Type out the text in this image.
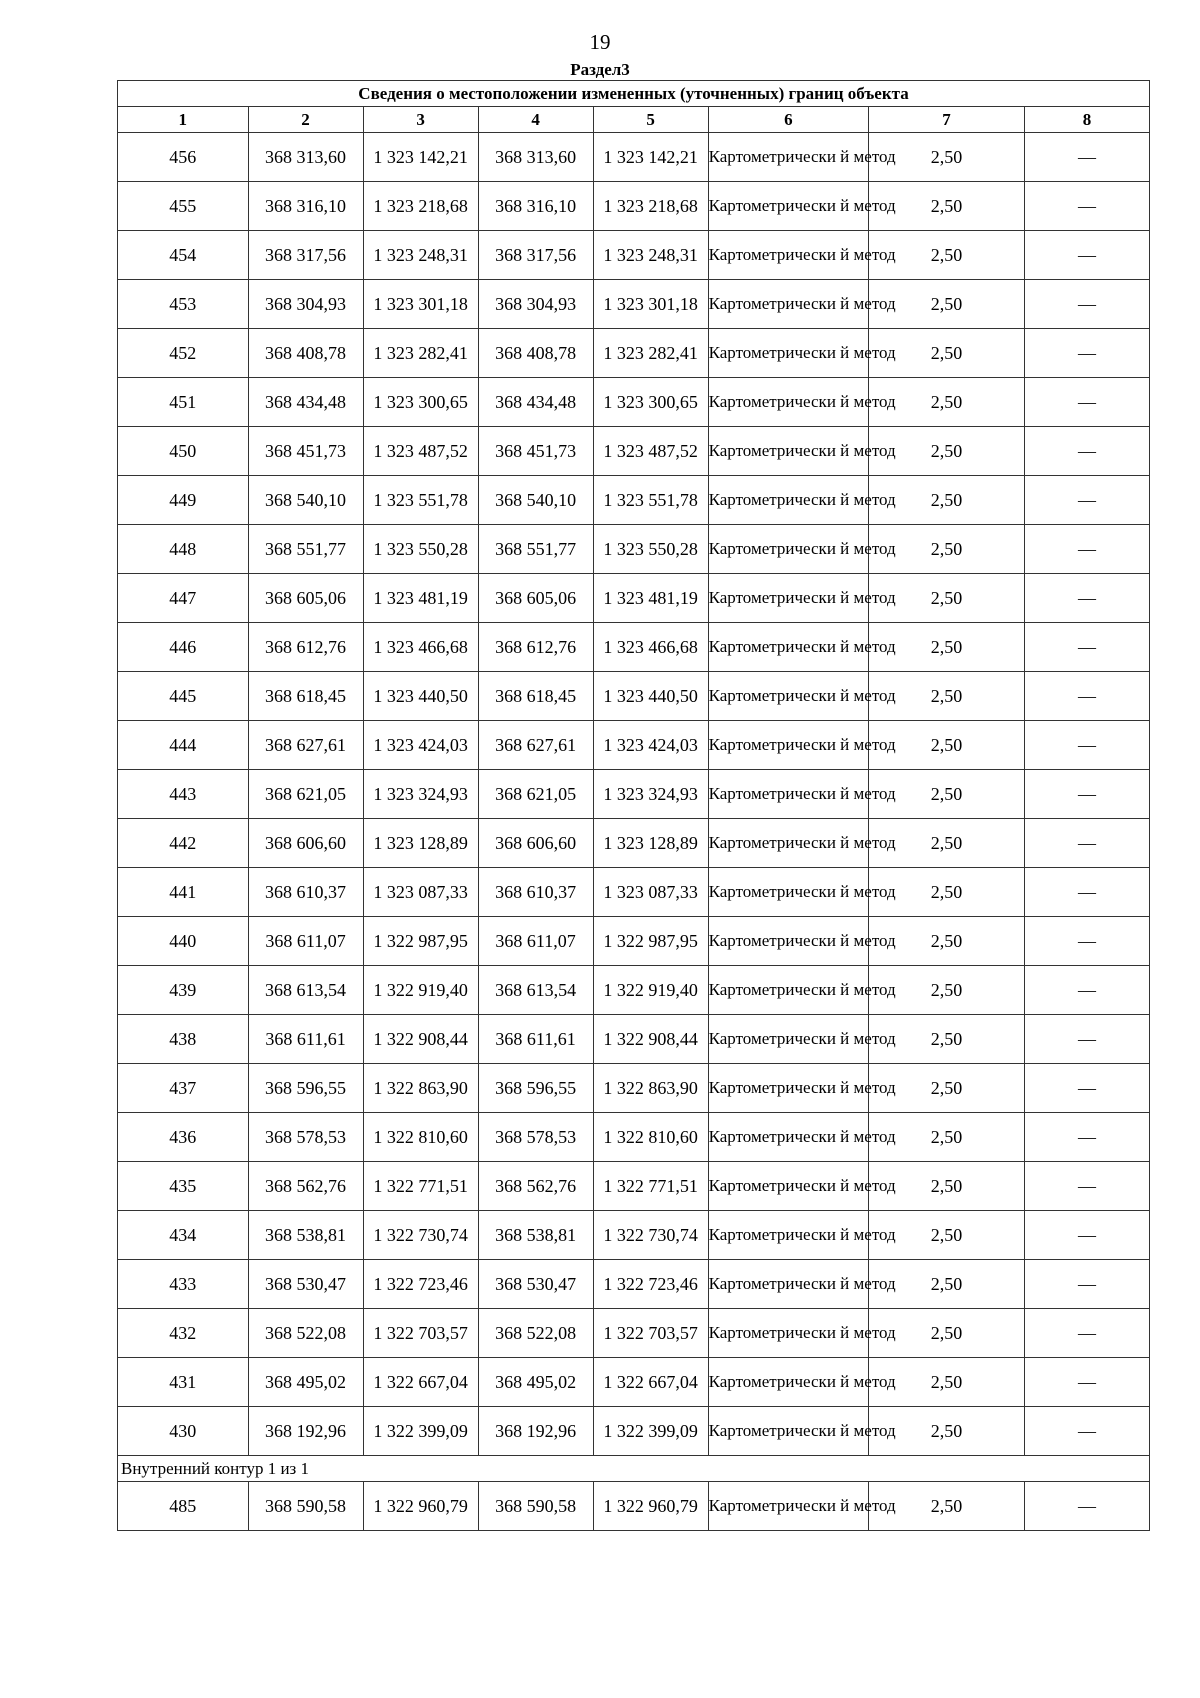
19
Раздел3
Сведения о местоположении измененных (уточненных) границ объекта							
1	2	3	4	5	6	7	8
456	368 313,60	1 323 142,21	368 313,60	1 323 142,21	Картометрически й метод	2,50	—
455	368 316,10	1 323 218,68	368 316,10	1 323 218,68	Картометрически й метод	2,50	—
454	368 317,56	1 323 248,31	368 317,56	1 323 248,31	Картометрически й метод	2,50	—
453	368 304,93	1 323 301,18	368 304,93	1 323 301,18	Картометрически й метод	2,50	—
452	368 408,78	1 323 282,41	368 408,78	1 323 282,41	Картометрически й метод	2,50	—
451	368 434,48	1 323 300,65	368 434,48	1 323 300,65	Картометрически й метод	2,50	—
450	368 451,73	1 323 487,52	368 451,73	1 323 487,52	Картометрически й метод	2,50	—
449	368 540,10	1 323 551,78	368 540,10	1 323 551,78	Картометрически й метод	2,50	—
448	368 551,77	1 323 550,28	368 551,77	1 323 550,28	Картометрически й метод	2,50	—
447	368 605,06	1 323 481,19	368 605,06	1 323 481,19	Картометрически й метод	2,50	—
446	368 612,76	1 323 466,68	368 612,76	1 323 466,68	Картометрически й метод	2,50	—
445	368 618,45	1 323 440,50	368 618,45	1 323 440,50	Картометрически й метод	2,50	—
444	368 627,61	1 323 424,03	368 627,61	1 323 424,03	Картометрически й метод	2,50	—
443	368 621,05	1 323 324,93	368 621,05	1 323 324,93	Картометрически й метод	2,50	—
442	368 606,60	1 323 128,89	368 606,60	1 323 128,89	Картометрически й метод	2,50	—
441	368 610,37	1 323 087,33	368 610,37	1 323 087,33	Картометрически й метод	2,50	—
440	368 611,07	1 322 987,95	368 611,07	1 322 987,95	Картометрически й метод	2,50	—
439	368 613,54	1 322 919,40	368 613,54	1 322 919,40	Картометрически й метод	2,50	—
438	368 611,61	1 322 908,44	368 611,61	1 322 908,44	Картометрически й метод	2,50	—
437	368 596,55	1 322 863,90	368 596,55	1 322 863,90	Картометрически й метод	2,50	—
436	368 578,53	1 322 810,60	368 578,53	1 322 810,60	Картометрически й метод	2,50	—
435	368 562,76	1 322 771,51	368 562,76	1 322 771,51	Картометрически й метод	2,50	—
434	368 538,81	1 322 730,74	368 538,81	1 322 730,74	Картометрически й метод	2,50	—
433	368 530,47	1 322 723,46	368 530,47	1 322 723,46	Картометрически й метод	2,50	—
432	368 522,08	1 322 703,57	368 522,08	1 322 703,57	Картометрически й метод	2,50	—
431	368 495,02	1 322 667,04	368 495,02	1 322 667,04	Картометрически й метод	2,50	—
430	368 192,96	1 322 399,09	368 192,96	1 322 399,09	Картометрически й метод	2,50	—
Внутренний контур 1 из 1							
485	368 590,58	1 322 960,79	368 590,58	1 322 960,79	Картометрически й метод	2,50	—
